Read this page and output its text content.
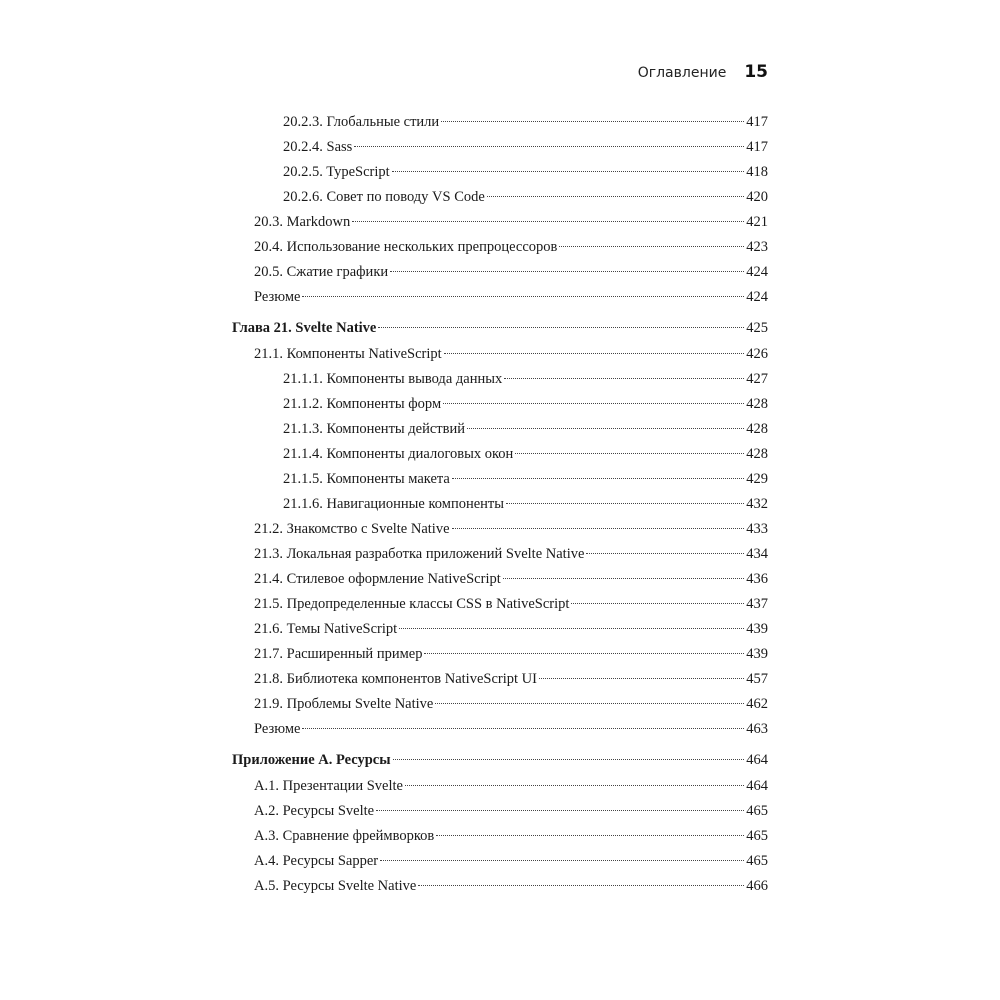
Оглавление 15
20.2.3. Глобальные стили	417
20.2.4. Sass	417
20.2.5. TypeScript	418
20.2.6. Совет по поводу VS Code	420
20.3. Markdown	421
20.4. Использование нескольких препроцессоров	423
20.5. Сжатие графики	424
Резюме	424
Глава 21. Svelte Native	425
21.1. Компоненты NativeScript	426
21.1.1. Компоненты вывода данных	427
21.1.2. Компоненты форм	428
21.1.3. Компоненты действий	428
21.1.4. Компоненты диалоговых окон	428
21.1.5. Компоненты макета	429
21.1.6. Навигационные компоненты	432
21.2. Знакомство с Svelte Native	433
21.3. Локальная разработка приложений Svelte Native	434
21.4. Стилевое оформление NativeScript	436
21.5. Предопределенные классы CSS в NativeScript	437
21.6. Темы NativeScript	439
21.7. Расширенный пример	439
21.8. Библиотека компонентов NativeScript UI	457
21.9. Проблемы Svelte Native	462
Резюме	463
Приложение А. Ресурсы	464
А.1. Презентации Svelte	464
А.2. Ресурсы Svelte	465
А.3. Сравнение фреймворков	465
А.4. Ресурсы Sapper	465
А.5. Ресурсы Svelte Native	466
